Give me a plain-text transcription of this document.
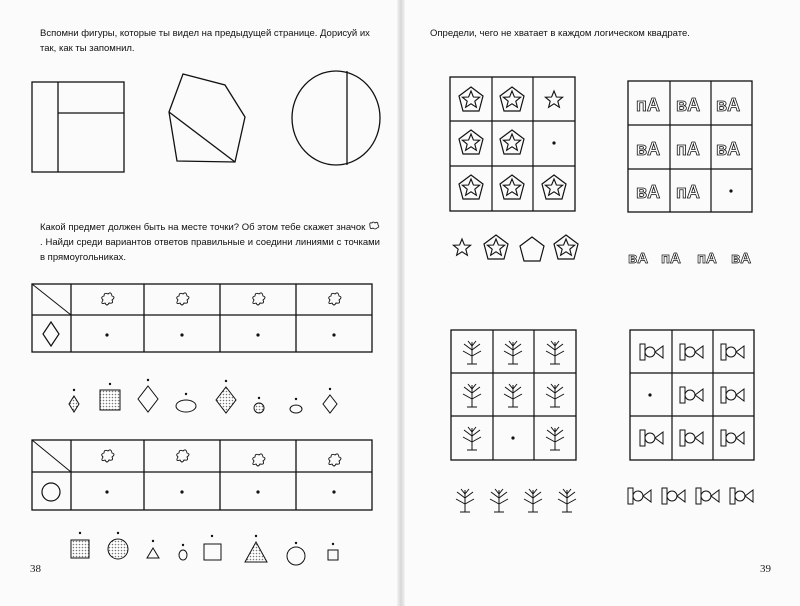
Вспомни фигуры, которые ты видел на предыдущей странице. Дорисуй их так, как ты запомнил.
Какой предмет должен быть на месте точки? Об этом тебе скажет значок  . Найди среди вариантов ответов правильные и соедини линиями с точками в прямоугольниках.
38
Определи, чего не хватает в каждом логическом квадрате.
39
пА вА вА
вА пА вА
вА пА
вА пА пА вА
